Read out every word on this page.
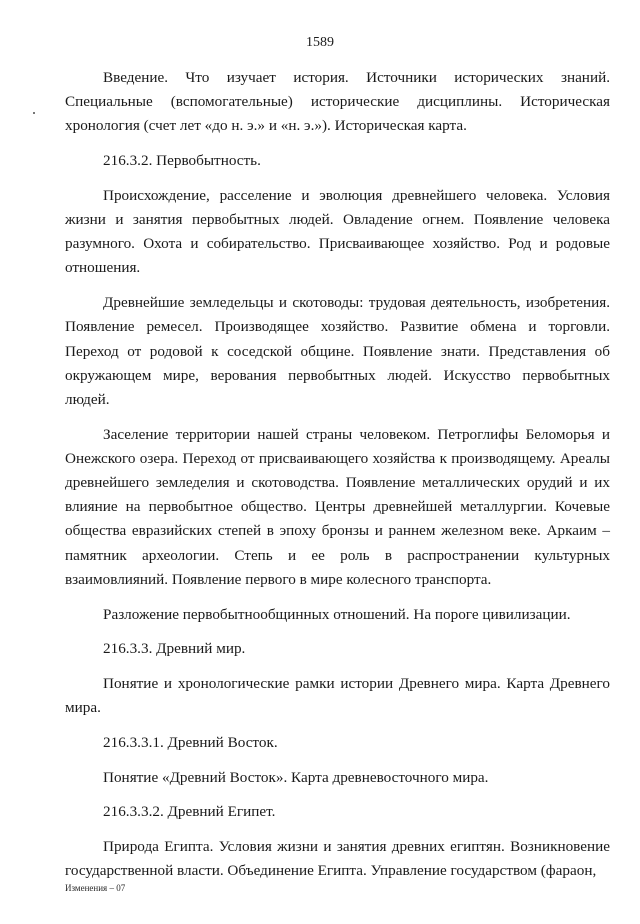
1589

Введение. Что изучает история. Источники исторических знаний. Специальные (вспомогательные) исторические дисциплины. Историческая хронология (счет лет «до н. э.» и «н. э.»). Историческая карта.

216.3.2. Первобытность.

Происхождение, расселение и эволюция древнейшего человека. Условия жизни и занятия первобытных людей. Овладение огнем. Появление человека разумного. Охота и собирательство. Присваивающее хозяйство. Род и родовые отношения.

Древнейшие земледельцы и скотоводы: трудовая деятельность, изобретения. Появление ремесел. Производящее хозяйство. Развитие обмена и торговли. Переход от родовой к соседской общине. Появление знати. Представления об окружающем мире, верования первобытных людей. Искусство первобытных людей.

Заселение территории нашей страны человеком. Петроглифы Беломорья и Онежского озера. Переход от присваивающего хозяйства к производящему. Ареалы древнейшего земледелия и скотоводства. Появление металлических орудий и их влияние на первобытное общество. Центры древнейшей металлургии. Кочевые общества евразийских степей в эпоху бронзы и раннем железном веке. Аркаим – памятник археологии. Степь и ее роль в распространении культурных взаимовлияний. Появление первого в мире колесного транспорта.

Разложение первобытнообщинных отношений. На пороге цивилизации.

216.3.3. Древний мир.

Понятие и хронологические рамки истории Древнего мира. Карта Древнего мира.

216.3.3.1. Древний Восток.

Понятие «Древний Восток». Карта древневосточного мира.

216.3.3.2. Древний Египет.

Природа Египта. Условия жизни и занятия древних египтян. Возникновение государственной власти. Объединение Египта. Управление государством (фараон,

Изменения – 07
